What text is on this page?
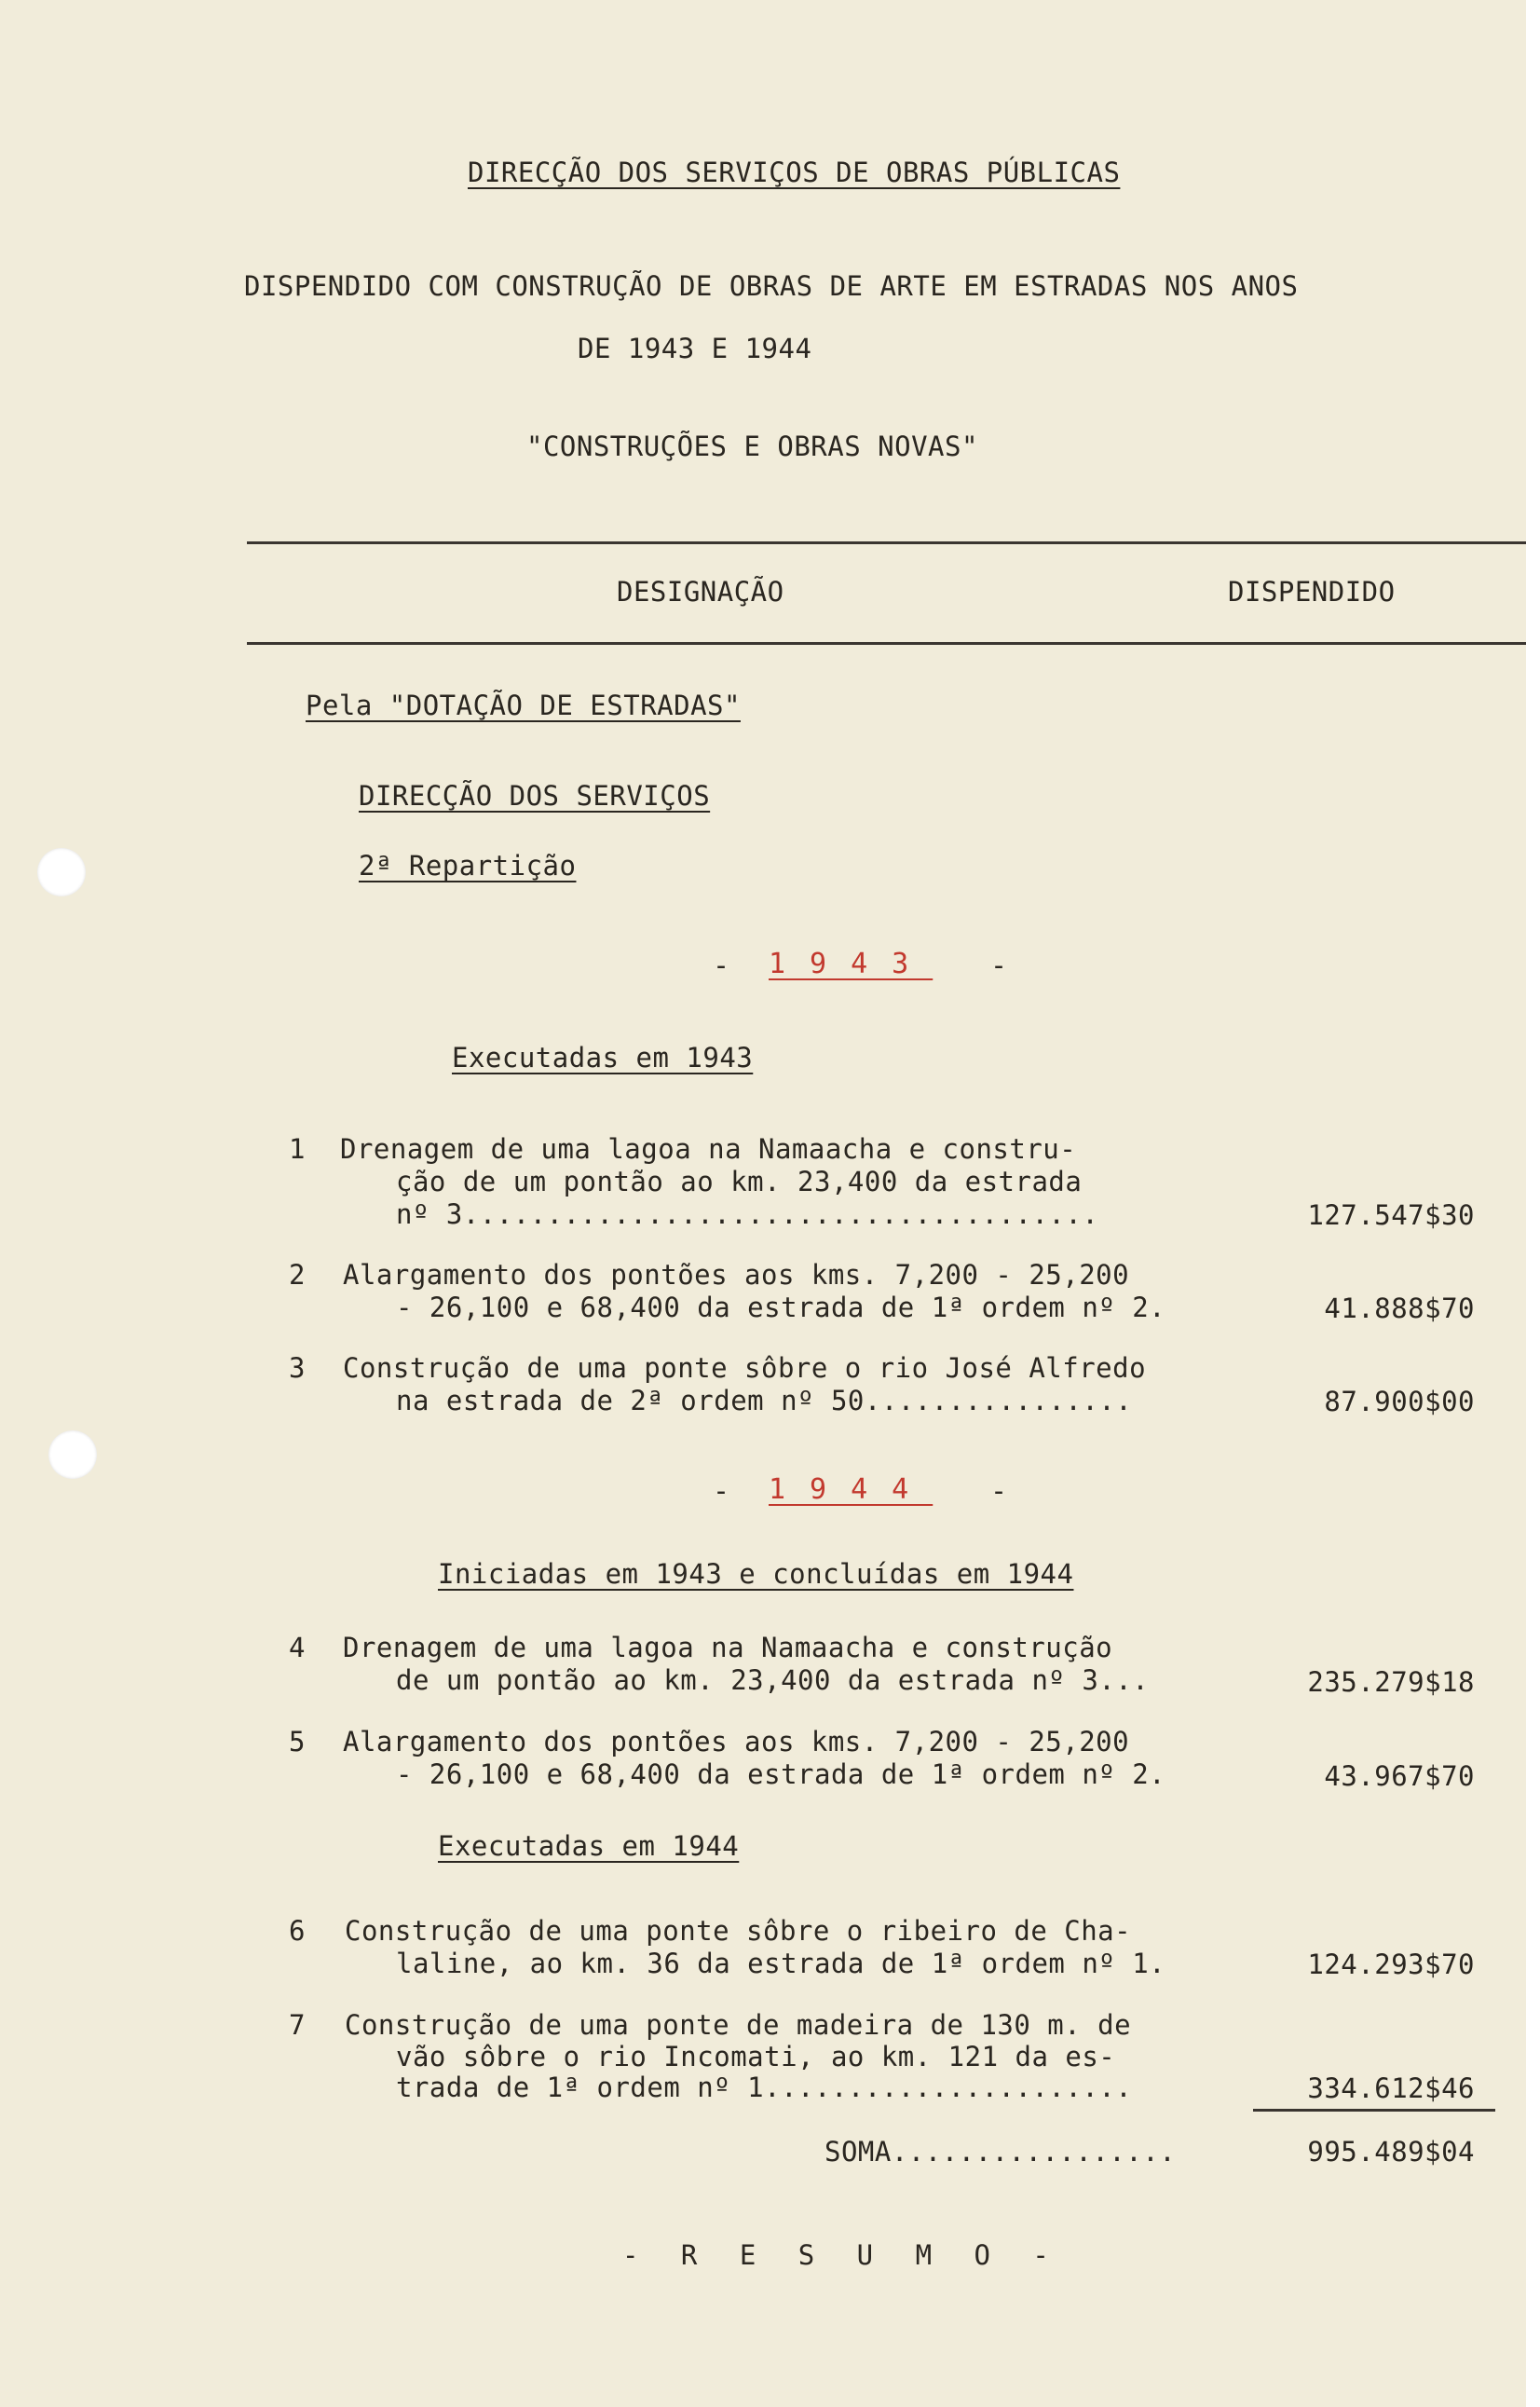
DIRECÇÃO DOS SERVIÇOS DE OBRAS PÚBLICAS
DISPENDIDO COM CONSTRUÇÃO DE OBRAS DE ARTE EM ESTRADAS NOS ANOS
DE 1943 E 1944
"CONSTRUÇÕES E OBRAS NOVAS"
DESIGNAÇÃO	DISPENDIDO
Pela "DOTAÇÃO DE ESTRADAS"
DIRECÇÃO DOS SERVIÇOS
2ª Repartição
- 1943 -
Executadas em 1943
1 Drenagem de uma lagoa na Namaacha e constru-
ção de um pontão ao km. 23,400 da estrada
nº 3......................................	127.547$30
2 Alargamento dos pontões aos kms. 7,200 - 25,200
- 26,100 e 68,400 da estrada de 1ª ordem nº 2.	41.888$70
3 Construção de uma ponte sôbre o rio José Alfredo
na estrada de 2ª ordem nº 50................	87.900$00
- 1944 -
Iniciadas em 1943 e concluídas em 1944
4 Drenagem de uma lagoa na Namaacha e construção
de um pontão ao km. 23,400 da estrada nº 3...	235.279$18
5 Alargamento dos pontões aos kms. 7,200 - 25,200
- 26,100 e 68,400 da estrada de 1ª ordem nº 2.	43.967$70
Executadas em 1944
6 Construção de uma ponte sôbre o ribeiro de Cha-
laline, ao km. 36 da estrada de 1ª ordem nº 1.	124.293$70
7 Construção de uma ponte de madeira de 130 m. de
vão sôbre o rio Incomati, ao km. 121 da es-
trada de 1ª ordem nº 1......................	334.612$46
SOMA.................	995.489$04
- R E S U M O -
